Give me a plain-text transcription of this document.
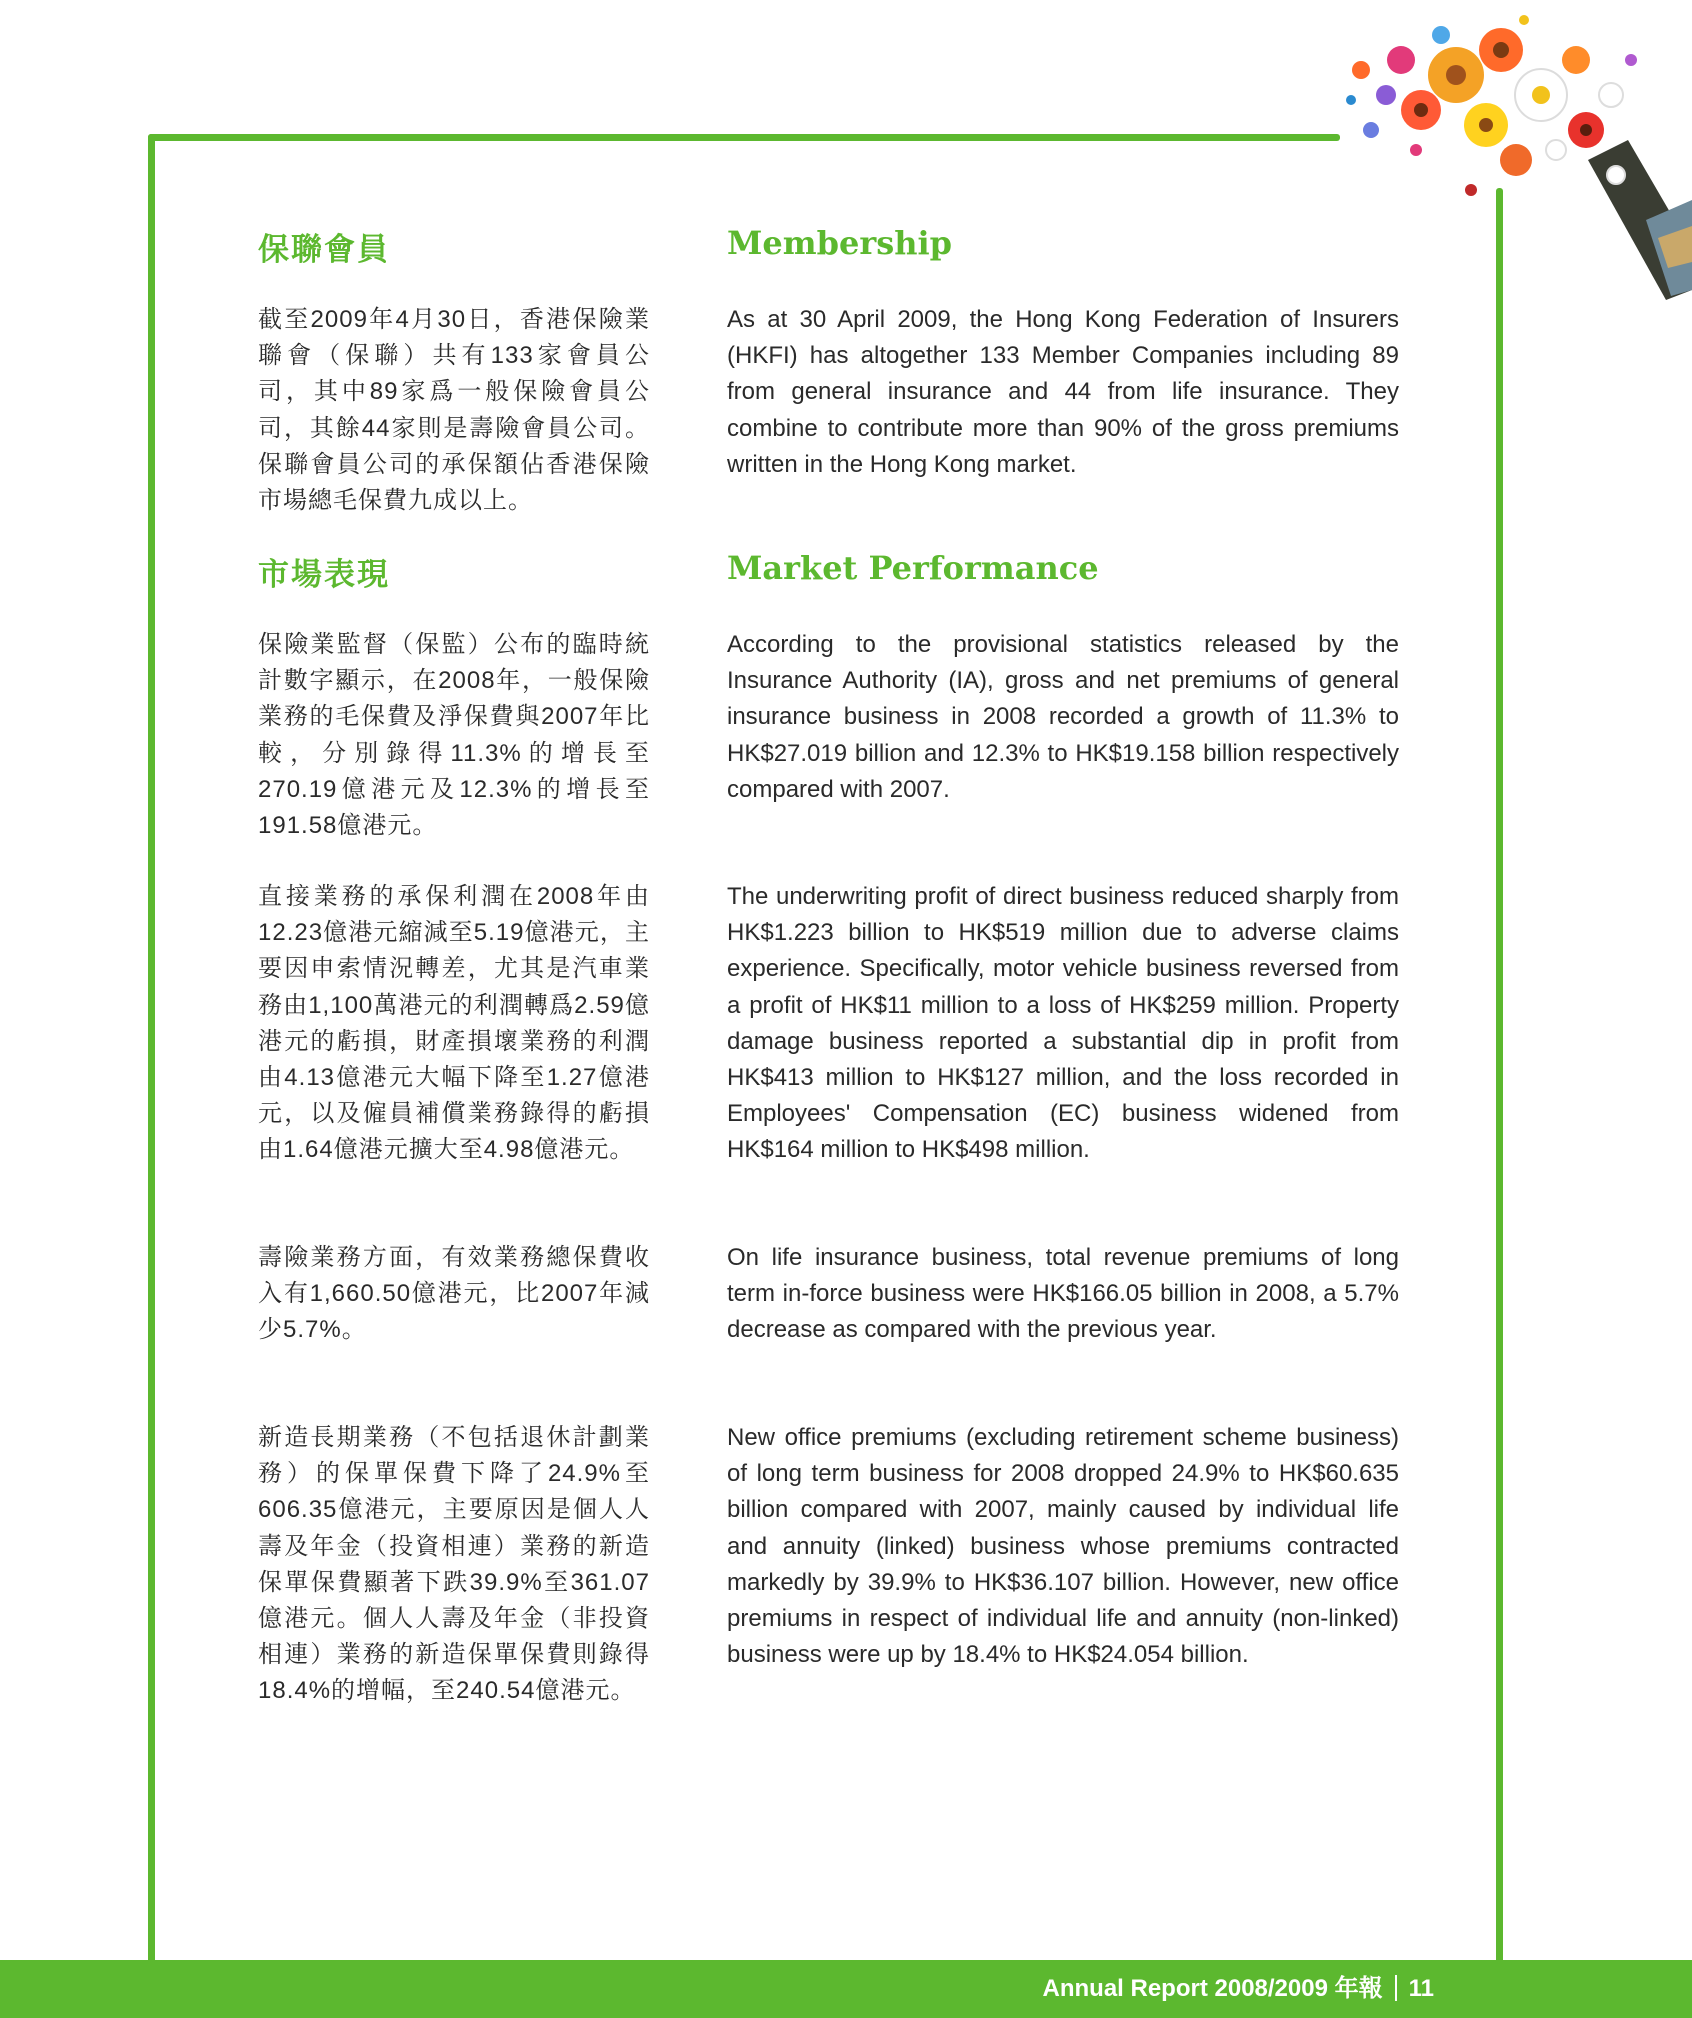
保聯會員	Membership

截至2009年4月30日，香港保險業聯會（保聯）共有133家會員公司，其中89家爲一般保險會員公司，其餘44家則是壽險會員公司。保聯會員公司的承保額佔香港保險市場總毛保費九成以上。

As at 30 April 2009, the Hong Kong Federation of Insurers (HKFI) has altogether 133 Member Companies including 89 from general insurance and 44 from life insurance. They combine to contribute more than 90% of the gross premiums written in the Hong Kong market.

市場表現	Market Performance

保險業監督（保監）公布的臨時統計數字顯示，在2008年，一般保險業務的毛保費及淨保費與2007年比較，分別錄得11.3%的增長至270.19億港元及12.3%的增長至191.58億港元。

According to the provisional statistics released by the Insurance Authority (IA), gross and net premiums of general insurance business in 2008 recorded a growth of 11.3% to HK$27.019 billion and 12.3% to HK$19.158 billion respectively compared with 2007.

直接業務的承保利潤在2008年由12.23億港元縮減至5.19億港元，主要因申索情況轉差，尤其是汽車業務由1,100萬港元的利潤轉爲2.59億港元的虧損，財產損壞業務的利潤由4.13億港元大幅下降至1.27億港元，以及僱員補償業務錄得的虧損由1.64億港元擴大至4.98億港元。

The underwriting profit of direct business reduced sharply from HK$1.223 billion to HK$519 million due to adverse claims experience. Specifically, motor vehicle business reversed from a profit of HK$11 million to a loss of HK$259 million. Property damage business reported a substantial dip in profit from HK$413 million to HK$127 million, and the loss recorded in Employees' Compensation (EC) business widened from HK$164 million to HK$498 million.

壽險業務方面，有效業務總保費收入有1,660.50億港元，比2007年減少5.7%。

On life insurance business, total revenue premiums of long term in-force business were HK$166.05 billion in 2008, a 5.7% decrease as compared with the previous year.

新造長期業務（不包括退休計劃業務）的保單保費下降了24.9%至606.35億港元，主要原因是個人人壽及年金（投資相連）業務的新造保單保費顯著下跌39.9%至361.07億港元。個人人壽及年金（非投資相連）業務的新造保單保費則錄得18.4%的增幅，至240.54億港元。

New office premiums (excluding retirement scheme business) of long term business for 2008 dropped 24.9% to HK$60.635 billion compared with 2007, mainly caused by individual life and annuity (linked) business whose premiums contracted markedly by 39.9% to HK$36.107 billion. However, new office premiums in respect of individual life and annuity (non-linked) business were up by 18.4% to HK$24.054 billion.

Annual Report 2008/2009 年報 11
